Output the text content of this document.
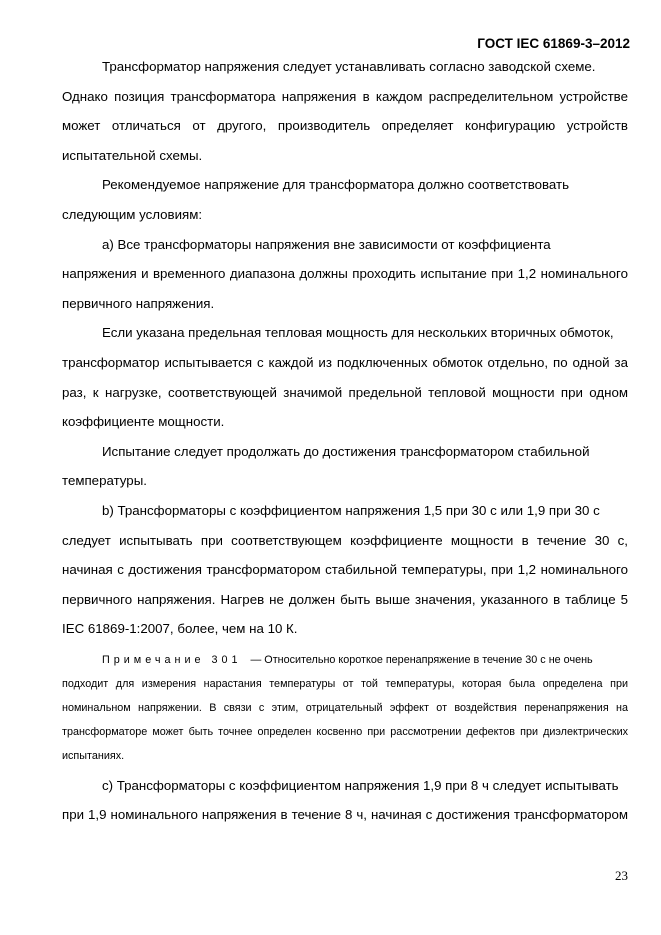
ГОСТ IEC 61869-3–2012
Трансформатор напряжения следует устанавливать согласно заводской схеме.
Однако позиция трансформатора напряжения в каждом распределительном устройстве
может отличаться от другого, производитель определяет конфигурацию устройств
испытательной схемы.
Рекомендуемое напряжение для трансформатора должно соответствовать
следующим условиям:
a) Все трансформаторы напряжения вне зависимости от коэффициента
напряжения и временного диапазона должны проходить испытание при 1,2 номинального
первичного напряжения.
Если указана предельная тепловая мощность для нескольких вторичных обмоток,
трансформатор испытывается с каждой из подключенных обмоток отдельно, по одной за
раз, к нагрузке, соответствующей значимой предельной тепловой мощности при одном
коэффициенте мощности.
Испытание следует продолжать до достижения трансформатором стабильной
температуры.
b) Трансформаторы с коэффициентом напряжения 1,5 при 30 с или 1,9 при 30 с
следует испытывать при соответствующем коэффициенте мощности в течение 30 с,
начиная с достижения трансформатором стабильной температуры, при 1,2 номинального
первичного напряжения. Нагрев не должен быть выше значения, указанного в таблице 5
IEC 61869-1:2007, более, чем на 10 К.
Примечание 301 — Относительно короткое перенапряжение в течение 30 с не очень
подходит для измерения нарастания температуры от той температуры, которая была определена при
номинальном напряжении. В связи с этим, отрицательный эффект от воздействия перенапряжения на
трансформаторе может быть точнее определен косвенно при рассмотрении дефектов при диэлектрических
испытаниях.
c) Трансформаторы с коэффициентом напряжения 1,9 при 8 ч следует испытывать
при 1,9 номинального напряжения в течение 8 ч, начиная с достижения трансформатором
23
